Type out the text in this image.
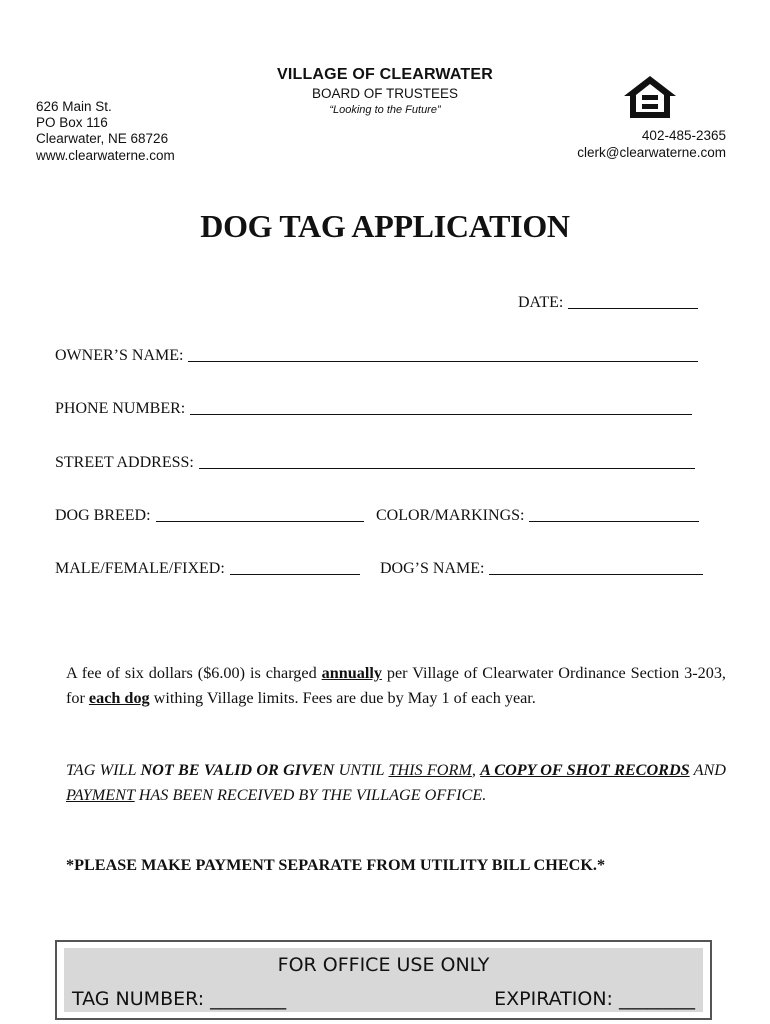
VILLAGE OF CLEARWATER
BOARD OF TRUSTEES
“Looking to the Future”
626 Main St.
PO Box 116
Clearwater, NE 68726
www.clearwaterne.com
402-485-2365
clerk@clearwaterne.com
DOG TAG APPLICATION
DATE:
OWNER’S NAME:
PHONE NUMBER:
STREET ADDRESS:
DOG BREED:	COLOR/MARKINGS:
MALE/FEMALE/FIXED:	DOG’S NAME:
A fee of six dollars ($6.00) is charged annually per Village of Clearwater Ordinance Section 3-203, for each dog withing Village limits. Fees are due by May 1 of each year.
TAG WILL NOT BE VALID OR GIVEN UNTIL THIS FORM, A COPY OF SHOT RECORDS AND PAYMENT HAS BEEN RECEIVED BY THE VILLAGE OFFICE.
*PLEASE MAKE PAYMENT SEPARATE FROM UTILITY BILL CHECK.*
FOR OFFICE USE ONLY
TAG NUMBER: ________	EXPIRATION: ________
